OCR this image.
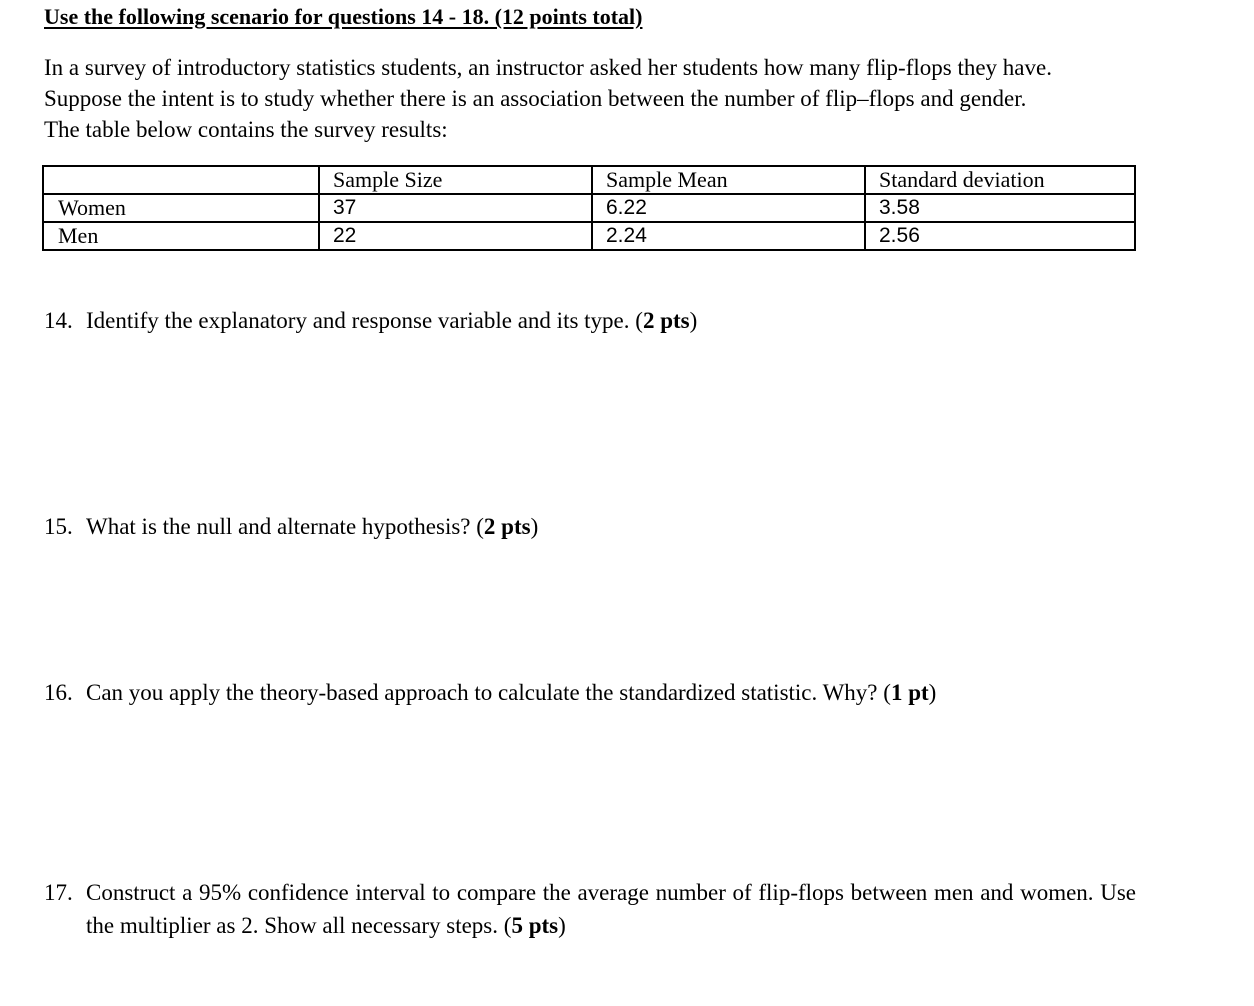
Use the following scenario for questions 14 - 18. (12 points total)
In a survey of introductory statistics students, an instructor asked her students how many flip-flops they have.
Suppose the intent is to study whether there is an association between the number of flip–flops and gender.
The table below contains the survey results:
	Sample Size	Sample Mean	Standard deviation
Women	37	6.22	3.58
Men	22	2.24	2.56
14. Identify the explanatory and response variable and its type. (2 pts)
15. What is the null and alternate hypothesis? (2 pts)
16. Can you apply the theory-based approach to calculate the standardized statistic. Why? (1 pt)
17. Construct a 95% confidence interval to compare the average number of flip-flops between men and women. Use the multiplier as 2. Show all necessary steps. (5 pts)
